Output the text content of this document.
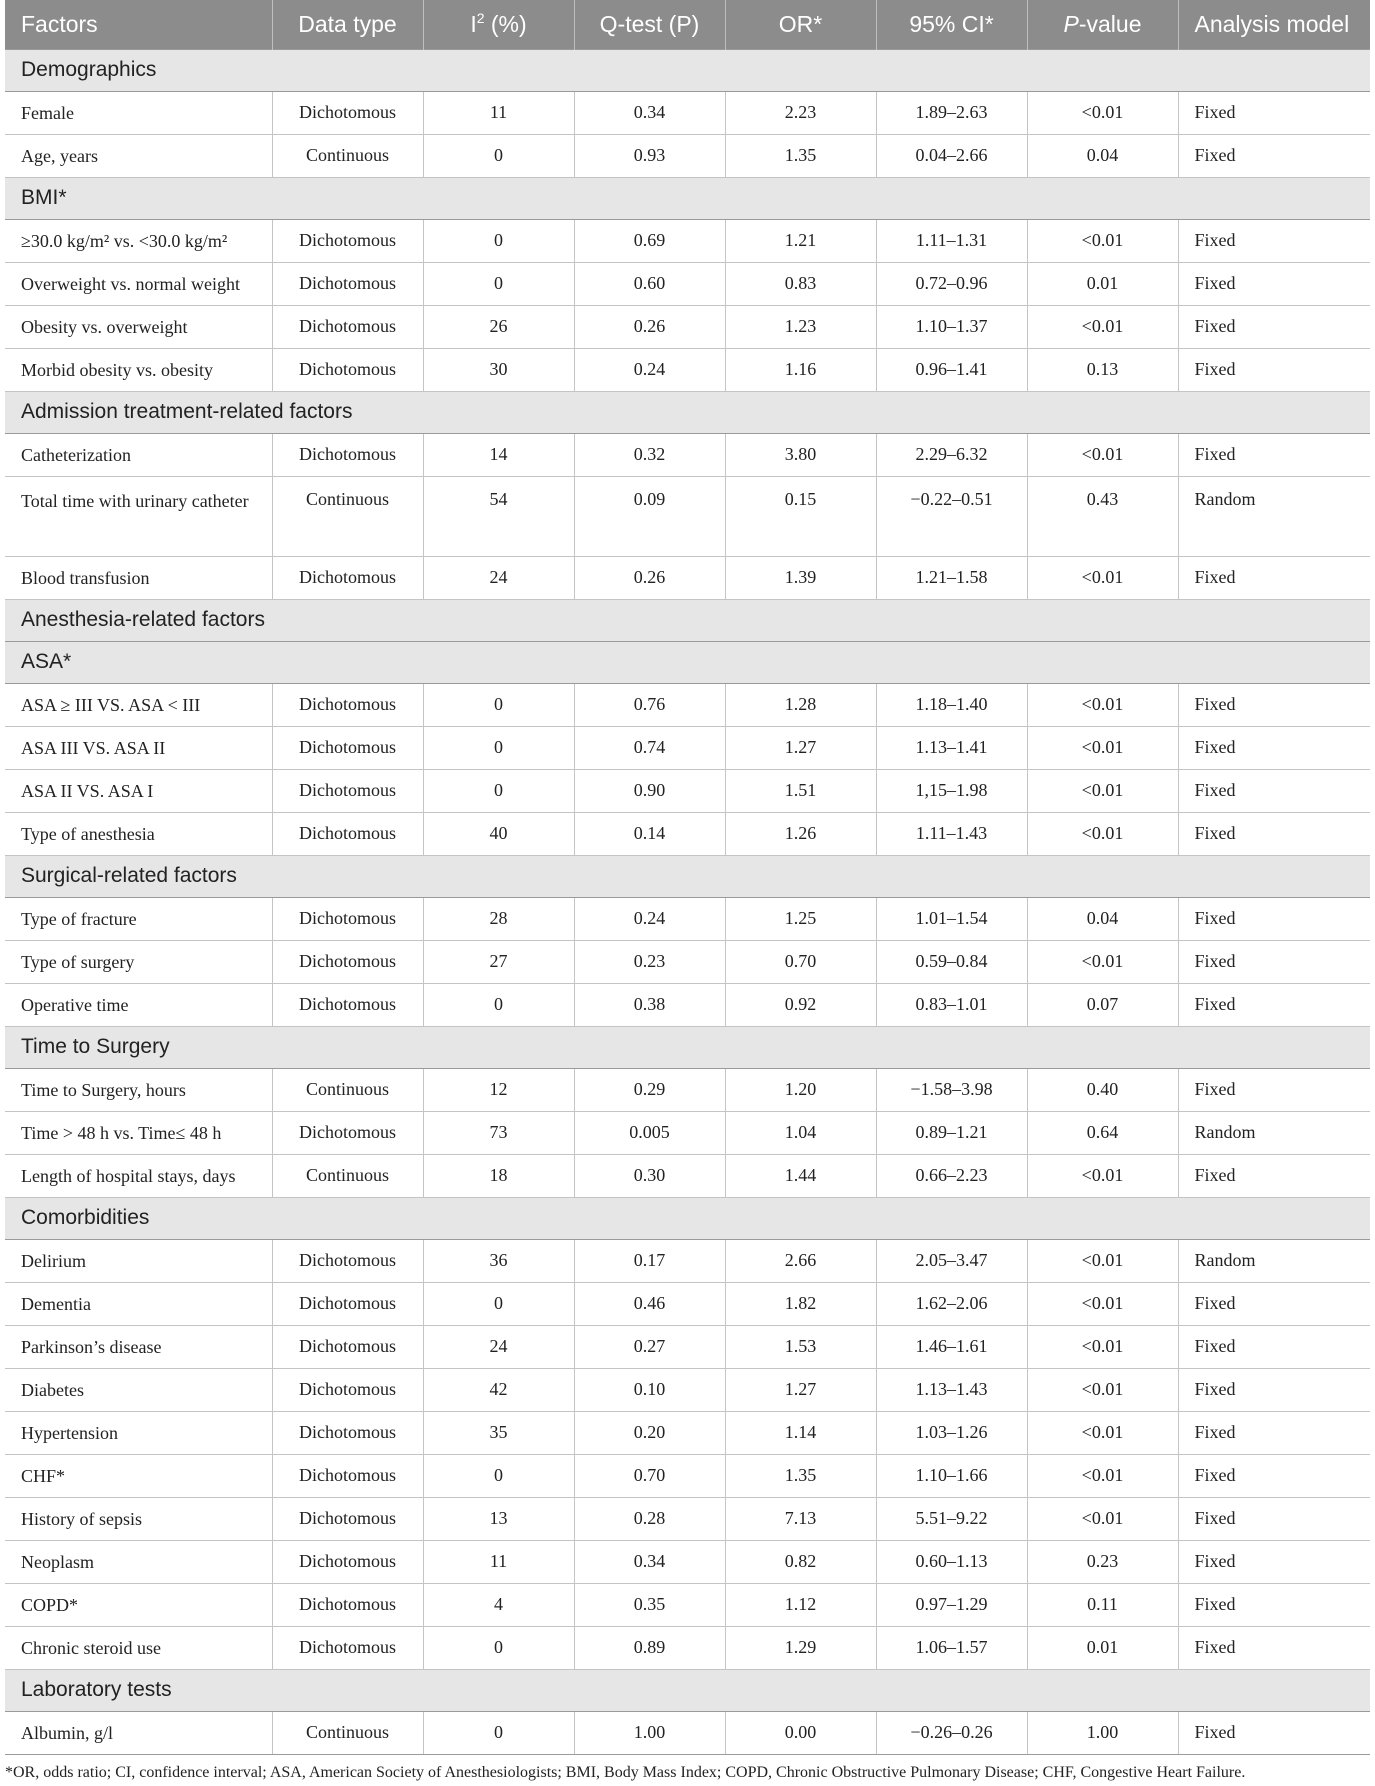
Factors	Data type	$I^2$ (%)	Q-test (P)	OR*	95% CI*	P-value	Analysis model
Demographics							
Female	Dichotomous	11	0.34	2.23	1.89–2.63	<0.01	Fixed
Age, years	Continuous	0	0.93	1.35	0.04–2.66	0.04	Fixed
BMI*							
≥30.0 kg/m² vs. <30.0 kg/m²	Dichotomous	0	0.69	1.21	1.11–1.31	<0.01	Fixed
Overweight vs. normal weight	Dichotomous	0	0.60	0.83	0.72–0.96	0.01	Fixed
Obesity vs. overweight	Dichotomous	26	0.26	1.23	1.10–1.37	<0.01	Fixed
Morbid obesity vs. obesity	Dichotomous	30	0.24	1.16	0.96–1.41	0.13	Fixed
Admission treatment-related factors							
Catheterization	Dichotomous	14	0.32	3.80	2.29–6.32	<0.01	Fixed
Total time with urinary catheter	Continuous	54	0.09	0.15	−0.22–0.51	0.43	Random
Blood transfusion	Dichotomous	24	0.26	1.39	1.21–1.58	<0.01	Fixed
Anesthesia-related factors							
ASA*							
ASA ≥ III VS. ASA < III	Dichotomous	0	0.76	1.28	1.18–1.40	<0.01	Fixed
ASA III VS. ASA II	Dichotomous	0	0.74	1.27	1.13–1.41	<0.01	Fixed
ASA II VS. ASA I	Dichotomous	0	0.90	1.51	1,15–1.98	<0.01	Fixed
Type of anesthesia	Dichotomous	40	0.14	1.26	1.11–1.43	<0.01	Fixed
Surgical-related factors							
Type of fracture	Dichotomous	28	0.24	1.25	1.01–1.54	0.04	Fixed
Type of surgery	Dichotomous	27	0.23	0.70	0.59–0.84	<0.01	Fixed
Operative time	Dichotomous	0	0.38	0.92	0.83–1.01	0.07	Fixed
Time to Surgery							
Time to Surgery, hours	Continuous	12	0.29	1.20	−1.58–3.98	0.40	Fixed
Time > 48 h vs. Time≤ 48 h	Dichotomous	73	0.005	1.04	0.89–1.21	0.64	Random
Length of hospital stays, days	Continuous	18	0.30	1.44	0.66–2.23	<0.01	Fixed
Comorbidities							
Delirium	Dichotomous	36	0.17	2.66	2.05–3.47	<0.01	Random
Dementia	Dichotomous	0	0.46	1.82	1.62–2.06	<0.01	Fixed
Parkinson’s disease	Dichotomous	24	0.27	1.53	1.46–1.61	<0.01	Fixed
Diabetes	Dichotomous	42	0.10	1.27	1.13–1.43	<0.01	Fixed
Hypertension	Dichotomous	35	0.20	1.14	1.03–1.26	<0.01	Fixed
CHF*	Dichotomous	0	0.70	1.35	1.10–1.66	<0.01	Fixed
History of sepsis	Dichotomous	13	0.28	7.13	5.51–9.22	<0.01	Fixed
Neoplasm	Dichotomous	11	0.34	0.82	0.60–1.13	0.23	Fixed
COPD*	Dichotomous	4	0.35	1.12	0.97–1.29	0.11	Fixed
Chronic steroid use	Dichotomous	0	0.89	1.29	1.06–1.57	0.01	Fixed
Laboratory tests							
Albumin, g/l	Continuous	0	1.00	0.00	−0.26–0.26	1.00	Fixed
*OR, odds ratio; CI, confidence interval; ASA, American Society of Anesthesiologists; BMI, Body Mass Index; COPD, Chronic Obstructive Pulmonary Disease; CHF, Congestive Heart Failure.
